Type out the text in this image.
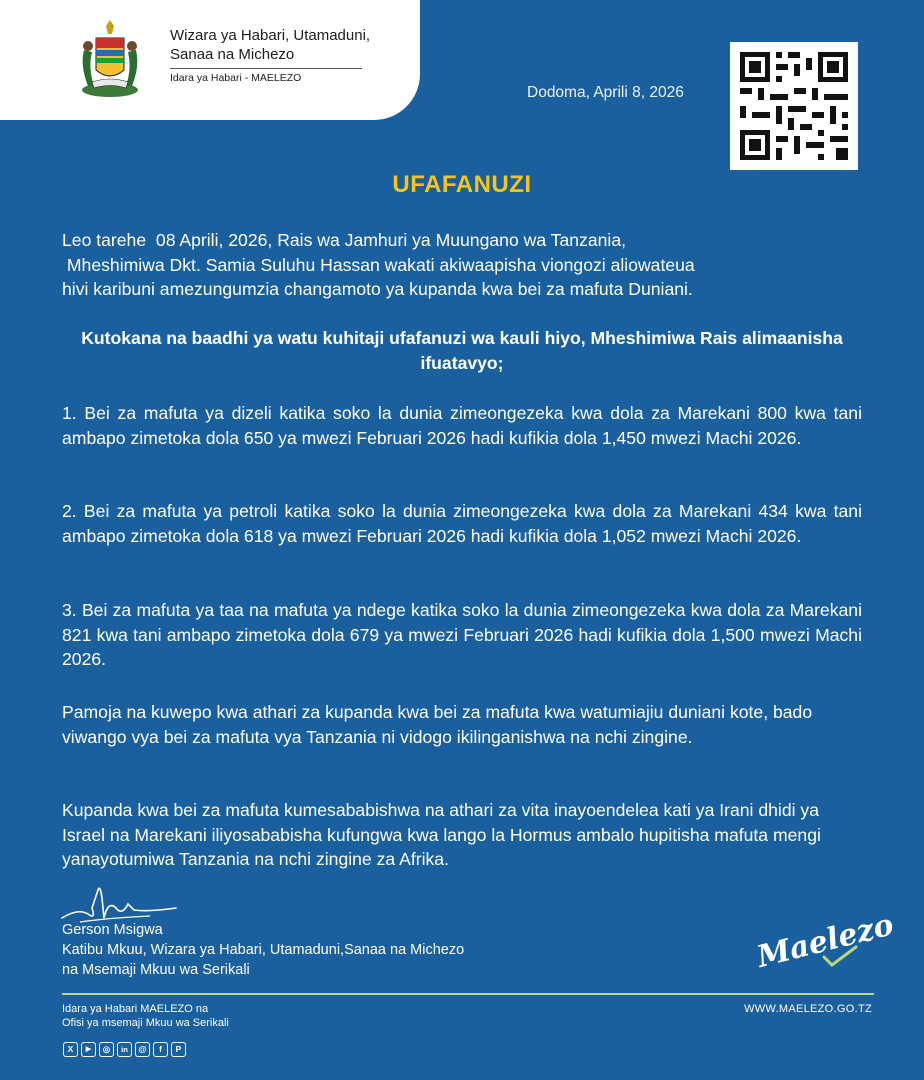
Wizara ya Habari, Utamaduni,
Sanaa na Michezo
Idara ya Habari - MAELEZO
Dodoma, Aprili 8, 2026
UFAFANUZI
Leo tarehe  08 Aprili, 2026, Rais wa Jamhuri ya Muungano wa Tanzania,
Mheshimiwa Dkt. Samia Suluhu Hassan wakati akiwaapisha viongozi aliowateua
hivi karibuni amezungumzia changamoto ya kupanda kwa bei za mafuta Duniani.
Kutokana na baadhi ya watu kuhitaji ufafanuzi wa kauli hiyo, Mheshimiwa Rais alimaanisha ifuatavyo;
1. Bei za mafuta ya dizeli katika soko la dunia zimeongezeka kwa dola za Marekani 800 kwa tani ambapo zimetoka dola 650 ya mwezi Februari 2026 hadi kufikia dola 1,450 mwezi Machi 2026.
2. Bei za mafuta ya petroli katika soko la dunia zimeongezeka kwa dola za Marekani 434 kwa tani ambapo zimetoka dola 618 ya mwezi Februari 2026 hadi kufikia dola 1,052 mwezi Machi 2026.
3. Bei za mafuta ya taa na mafuta ya ndege katika soko la dunia zimeongezeka kwa dola za Marekani 821 kwa tani ambapo zimetoka dola 679 ya mwezi Februari 2026 hadi kufikia dola 1,500 mwezi Machi 2026.
Pamoja na kuwepo kwa athari za kupanda kwa bei za mafuta kwa watumiajiu duniani kote, bado viwango vya bei za mafuta vya Tanzania ni vidogo ikilinganishwa na nchi zingine.
Kupanda kwa bei za mafuta kumesababishwa na athari za vita inayoendelea kati ya Irani dhidi ya Israel na Marekani iliyosababisha kufungwa kwa lango la Hormus ambalo hupitisha mafuta mengi yanayotumiwa Tanzania na nchi zingine za Afrika.
Gerson Msigwa
Katibu Mkuu, Wizara ya Habari, Utamaduni,Sanaa na Michezo
na Msemaji Mkuu wa Serikali	Maelezo
Idara ya Habari MAELEZO na
Ofisi ya msemaji Mkuu wa Serikali
WWW.MAELEZO.GO.TZ
X	▶	◎	in	@	f	P
